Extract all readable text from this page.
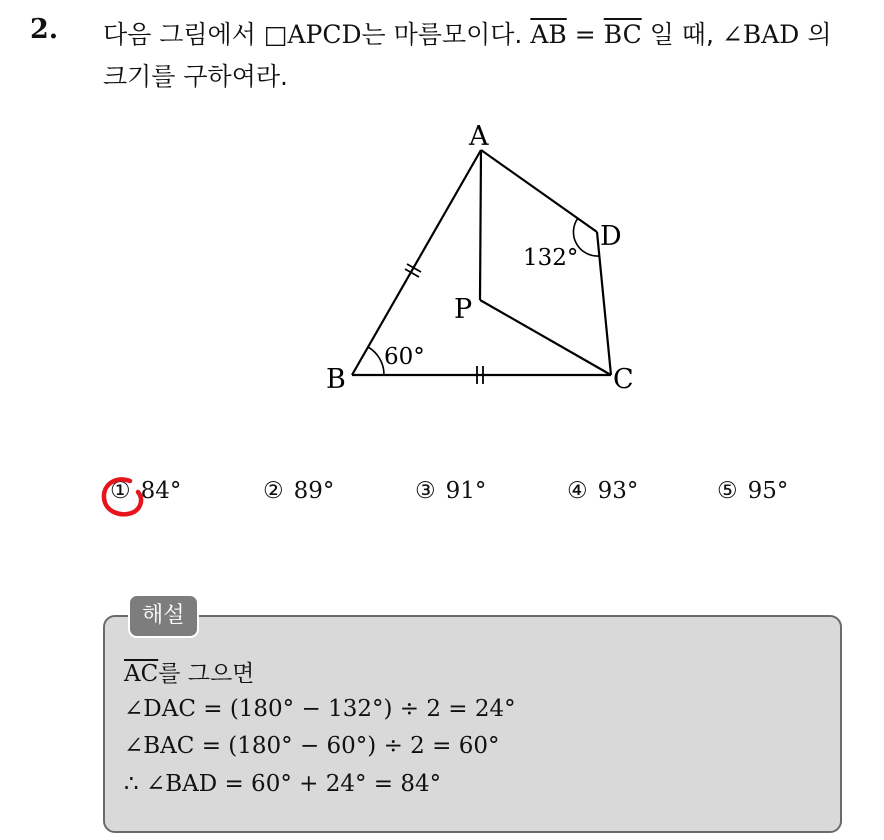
2. 다음 그림에서 □APCD는 마름모이다. $\overline{AB} = \overline{BC}$ 일 때, ∠BAD 의
크기를 구하여라.
A
B	C
D
P
60°
132°
① 84°	② 89°	③ 91°	④ 93°	⑤ 95°
해설
$\overline{AC}$를 그으면
∠DAC = (180° − 132°) ÷ 2 = 24°
∠BAC = (180° − 60°) ÷ 2 = 60°
∴ ∠BAD = 60° + 24° = 84°
